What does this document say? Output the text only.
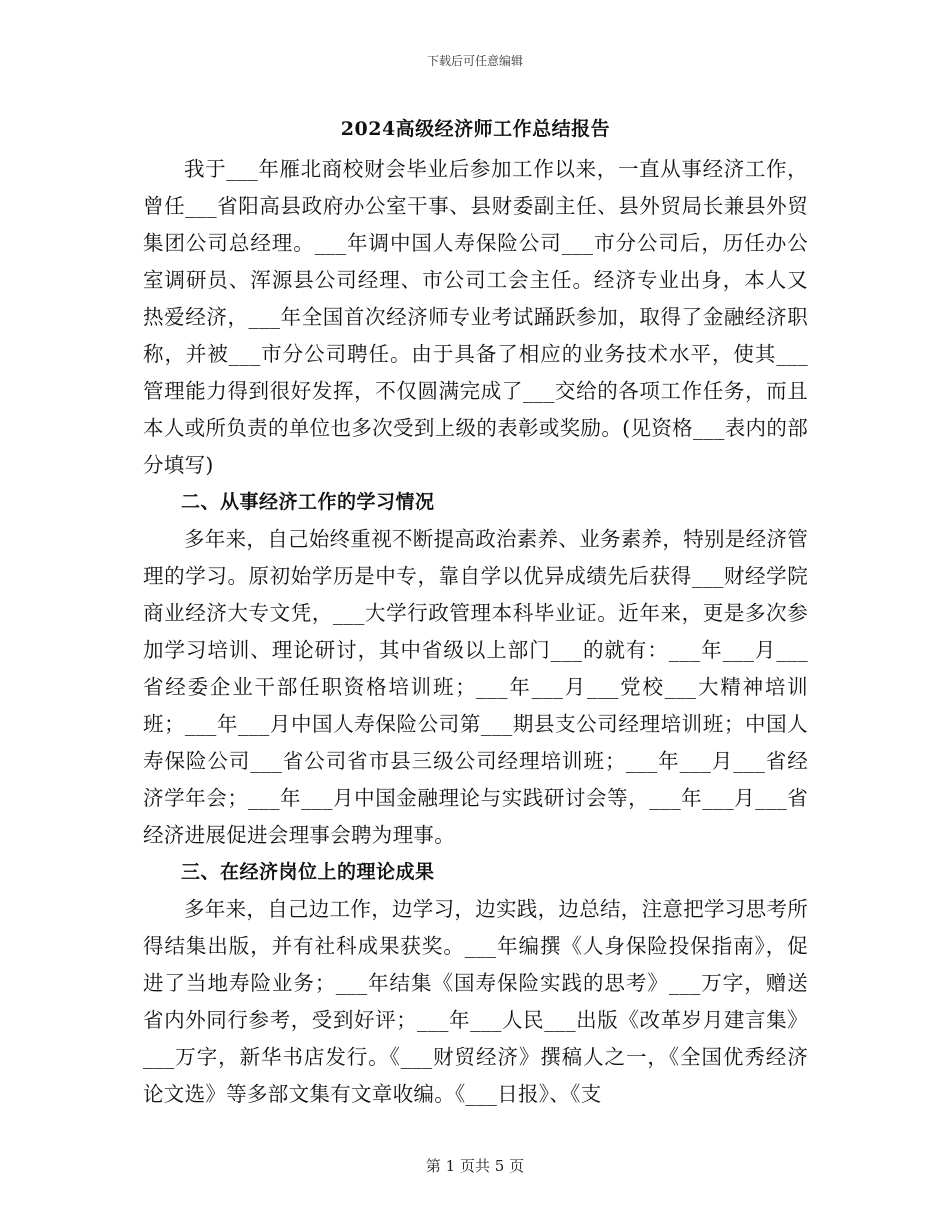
下载后可任意编辑
2024高级经济师工作总结报告

我于___年雁北商校财会毕业后参加工作以来，一直从事经济工作，曾任___省阳高县政府办公室干事、县财委副主任、县外贸局长兼县外贸集团公司总经理。___年调中国人寿保险公司___市分公司后，历任办公室调研员、浑源县公司经理、市公司工会主任。经济专业出身，本人又热爱经济，___年全国首次经济师专业考试踊跃参加，取得了金融经济职称，并被___市分公司聘任。由于具备了相应的业务技术水平，使其___管理能力得到很好发挥，不仅圆满完成了___交给的各项工作任务，而且本人或所负责的单位也多次受到上级的表彰或奖励。(见资格___表内的部分填写)

二、从事经济工作的学习情况

多年来，自己始终重视不断提高政治素养、业务素养，特别是经济管理的学习。原初始学历是中专，靠自学以优异成绩先后获得___财经学院商业经济大专文凭，___大学行政管理本科毕业证。近年来，更是多次参加学习培训、理论研讨，其中省级以上部门___的就有：___年___月___省经委企业干部任职资格培训班；___年___月___党校___大精神培训班；___年___月中国人寿保险公司第___期县支公司经理培训班；中国人寿保险公司___省公司省市县三级公司经理培训班；___年___月___省经济学年会；___年___月中国金融理论与实践研讨会等，___年___月___省经济进展促进会理事会聘为理事。

三、在经济岗位上的理论成果

多年来，自己边工作，边学习，边实践，边总结，注意把学习思考所得结集出版，并有社科成果获奖。___年编撰《人身保险投保指南》，促进了当地寿险业务；___年结集《国寿保险实践的思考》___万字，赠送省内外同行参考，受到好评；___年___人民___出版《改革岁月建言集》___万字，新华书店发行。《___财贸经济》撰稿人之一，《全国优秀经济论文选》等多部文集有文章收编。《___日报》、《支

第 1 页共 5 页
